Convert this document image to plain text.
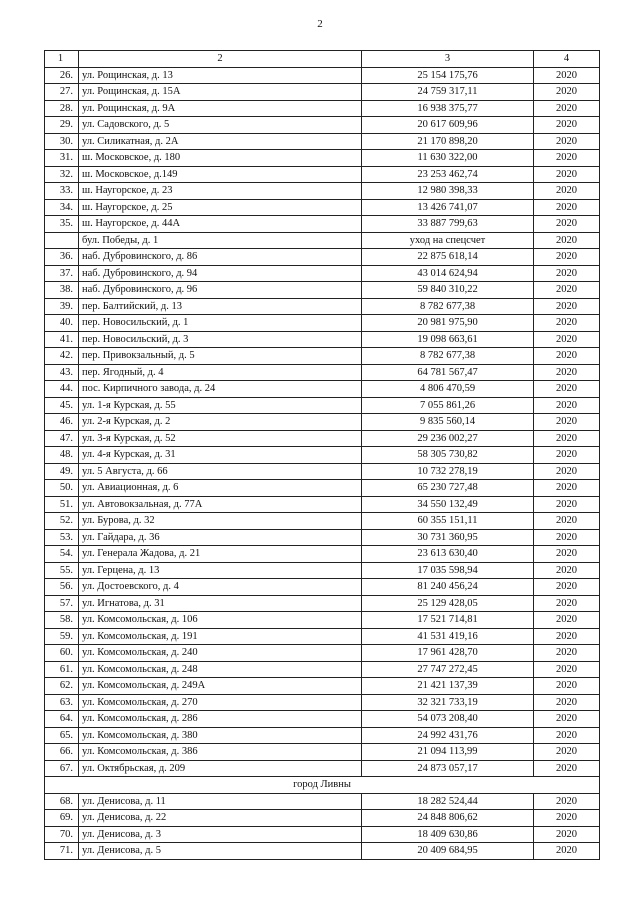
2
1	2	3	4
26.	ул. Рощинская, д. 13	25 154 175,76	2020
27.	ул. Рощинская, д. 15А	24 759 317,11	2020
28.	ул. Рощинская, д. 9А	16 938 375,77	2020
29.	ул. Садовского, д. 5	20 617 609,96	2020
30.	ул. Силикатная, д. 2А	21 170 898,20	2020
31.	ш. Московское, д. 180	11 630 322,00	2020
32.	ш. Московское, д.149	23 253 462,74	2020
33.	ш. Наугорское, д. 23	12 980 398,33	2020
34.	ш. Наугорское, д. 25	13 426 741,07	2020
35.	ш. Наугорское, д. 44А	33 887 799,63	2020
	бул. Победы, д. 1	уход на спецсчет	2020
36.	наб. Дубровинского, д. 86	22 875 618,14	2020
37.	наб. Дубровинского, д. 94	43 014 624,94	2020
38.	наб. Дубровинского, д. 96	59 840 310,22	2020
39.	пер. Балтийский, д. 13	8 782 677,38	2020
40.	пер. Новосильский, д. 1	20 981 975,90	2020
41.	пер. Новосильский, д. 3	19 098 663,61	2020
42.	пер. Привокзальный, д. 5	8 782 677,38	2020
43.	пер. Ягодный, д. 4	64 781 567,47	2020
44.	пос. Кирпичного завода, д. 24	4 806 470,59	2020
45.	ул. 1-я Курская, д. 55	7 055 861,26	2020
46.	ул. 2-я Курская, д. 2	9 835 560,14	2020
47.	ул. 3-я Курская, д. 52	29 236 002,27	2020
48.	ул. 4-я Курская, д. 31	58 305 730,82	2020
49.	ул. 5 Августа, д. 66	10 732 278,19	2020
50.	ул. Авиационная, д. 6	65 230 727,48	2020
51.	ул. Автовокзальная, д. 77А	34 550 132,49	2020
52.	ул. Бурова, д. 32	60 355 151,11	2020
53.	ул. Гайдара, д. 36	30 731 360,95	2020
54.	ул. Генерала Жадова, д. 21	23 613 630,40	2020
55.	ул. Герцена, д. 13	17 035 598,94	2020
56.	ул. Достоевского, д. 4	81 240 456,24	2020
57.	ул. Игнатова, д. 31	25 129 428,05	2020
58.	ул. Комсомольская, д. 106	17 521 714,81	2020
59.	ул. Комсомольская, д. 191	41 531 419,16	2020
60.	ул. Комсомольская, д. 240	17 961 428,70	2020
61.	ул. Комсомольская, д. 248	27 747 272,45	2020
62.	ул. Комсомольская, д. 249А	21 421 137,39	2020
63.	ул. Комсомольская, д. 270	32 321 733,19	2020
64.	ул. Комсомольская, д. 286	54 073 208,40	2020
65.	ул. Комсомольская, д. 380	24 992 431,76	2020
66.	ул. Комсомольская, д. 386	21 094 113,99	2020
67.	ул. Октябрьская, д. 209	24 873 057,17	2020
город Ливны			
68.	ул. Денисова, д. 11	18 282 524,44	2020
69.	ул. Денисова, д. 22	24 848 806,62	2020
70.	ул. Денисова, д. 3	18 409 630,86	2020
71.	ул. Денисова, д. 5	20 409 684,95	2020
